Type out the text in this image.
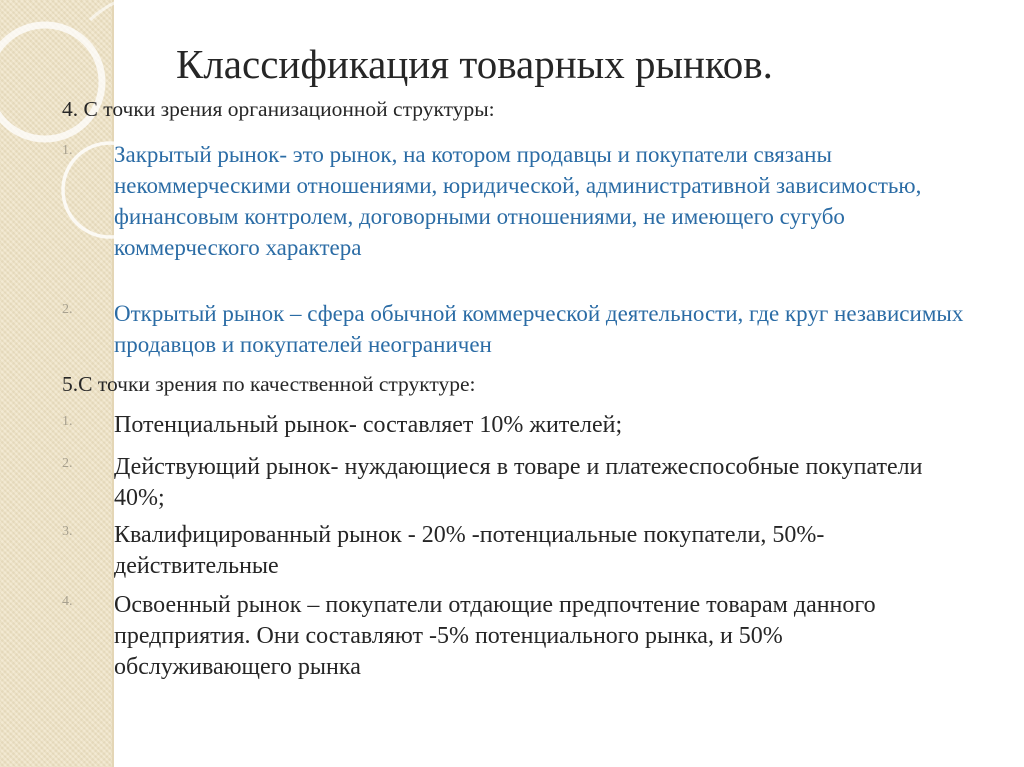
Классификация товарных рынков.
4. С точки зрения организационной структуры:
1. Закрытый рынок- это рынок, на котором продавцы и покупатели связаны некоммерческими отношениями, юридической, административной зависимостью, финансовым контролем, договорными отношениями, не имеющего сугубо коммерческого характера
2. Открытый рынок – сфера обычной коммерческой деятельности, где круг независимых продавцов и покупателей неограничен
5.С точки зрения по качественной структуре:
1. Потенциальный рынок- составляет 10% жителей;
2. Действующий рынок- нуждающиеся в товаре и платежеспособные покупатели 40%;
3. Квалифицированный рынок - 20% -потенциальные покупатели, 50%-действительные
4. Освоенный рынок – покупатели отдающие предпочтение товарам данного предприятия. Они составляют -5% потенциального рынка, и 50% обслуживающего рынка
